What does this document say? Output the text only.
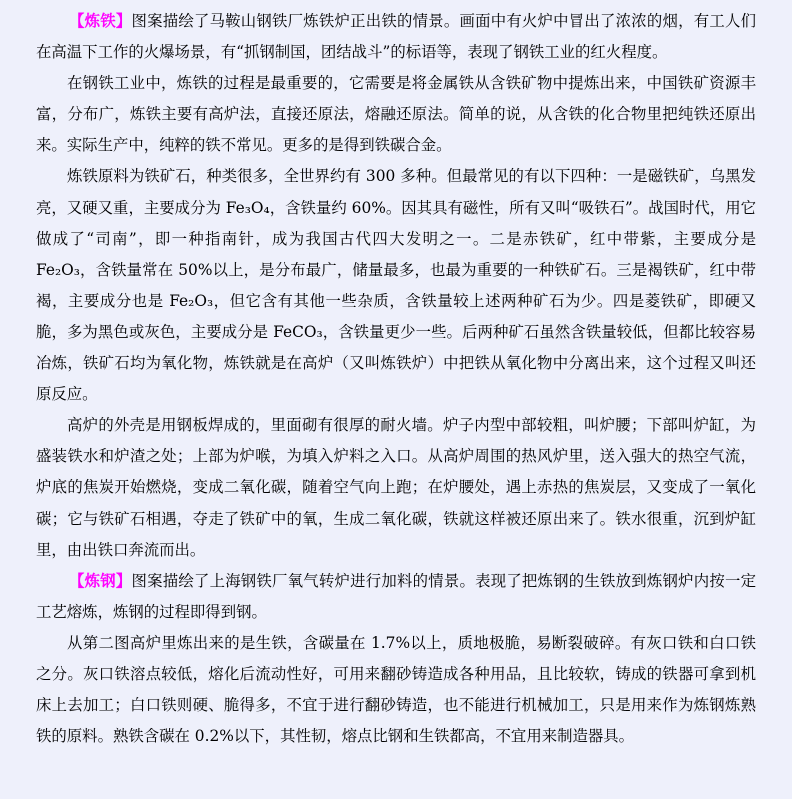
【炼铁】图案描绘了马鞍山钢铁厂炼铁炉正出铁的情景。画面中有火炉中冒出了浓浓的烟，有工人们在高温下工作的火爆场景，有“抓钢制国，团结战斗”的标语等，表现了钢铁工业的红火程度。

在钢铁工业中，炼铁的过程是最重要的，它需要是将金属铁从含铁矿物中提炼出来，中国铁矿资源丰富，分布广，炼铁主要有高炉法，直接还原法，熔融还原法。简单的说，从含铁的化合物里把纯铁还原出来。实际生产中，纯粹的铁不常见。更多的是得到铁碳合金。

炼铁原料为铁矿石，种类很多，全世界约有 300 多种。但最常见的有以下四种：一是磁铁矿，乌黑发亮，又硬又重，主要成分为 Fe₃O₄，含铁量约 60%。因其具有磁性，所有又叫“吸铁石”。战国时代，用它做成了“司南”，即一种指南针，成为我国古代四大发明之一。二是赤铁矿，红中带紫，主要成分是 Fe₂O₃，含铁量常在 50%以上，是分布最广，储量最多，也最为重要的一种铁矿石。三是褐铁矿，红中带褐，主要成分也是 Fe₂O₃，但它含有其他一些杂质，含铁量较上述两种矿石为少。四是菱铁矿，即硬又脆，多为黑色或灰色，主要成分是 FeCO₃，含铁量更少一些。后两种矿石虽然含铁量较低，但都比较容易冶炼，铁矿石均为氧化物，炼铁就是在高炉（又叫炼铁炉）中把铁从氧化物中分离出来，这个过程又叫还原反应。

高炉的外壳是用钢板焊成的，里面砌有很厚的耐火墙。炉子内型中部较粗，叫炉腰；下部叫炉缸，为盛装铁水和炉渣之处；上部为炉喉，为填入炉料之入口。从高炉周围的热风炉里，送入强大的热空气流，炉底的焦炭开始燃烧，变成二氧化碳，随着空气向上跑；在炉腰处，遇上赤热的焦炭层，又变成了一氧化碳；它与铁矿石相遇，夺走了铁矿中的氧，生成二氧化碳，铁就这样被还原出来了。铁水很重，沉到炉缸里，由出铁口奔流而出。

【炼钢】图案描绘了上海钢铁厂氧气转炉进行加料的情景。表现了把炼钢的生铁放到炼钢炉内按一定工艺熔炼，炼钢的过程即得到钢。

从第二图高炉里炼出来的是生铁，含碳量在 1.7%以上，质地极脆，易断裂破碎。有灰口铁和白口铁之分。灰口铁溶点较低，熔化后流动性好，可用来翻砂铸造成各种用品，且比较软，铸成的铁器可拿到机床上去加工；白口铁则硬、脆得多，不宜于进行翻砂铸造，也不能进行机械加工，只是用来作为炼钢炼熟铁的原料。熟铁含碳在 0.2%以下，其性韧，熔点比钢和生铁都高，不宜用来制造器具。
